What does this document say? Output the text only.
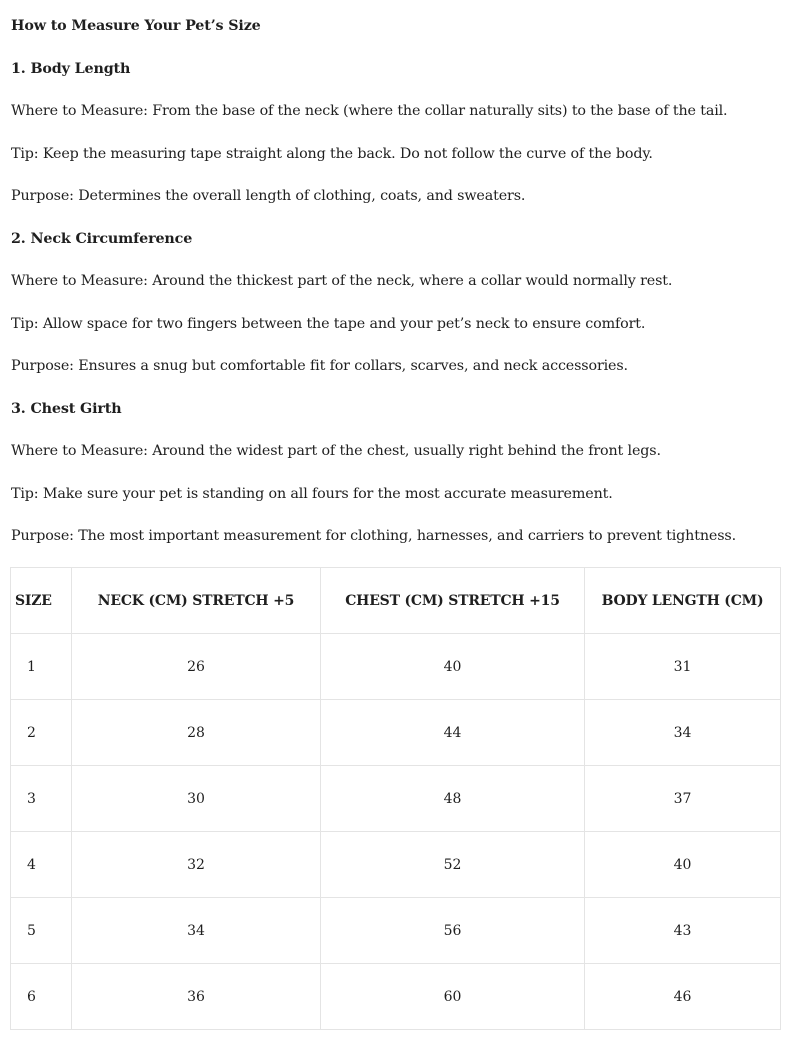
How to Measure Your Pet’s Size
1. Body Length
Where to Measure: From the base of the neck (where the collar naturally sits) to the base of the tail.
Tip: Keep the measuring tape straight along the back. Do not follow the curve of the body.
Purpose: Determines the overall length of clothing, coats, and sweaters.
2. Neck Circumference
Where to Measure: Around the thickest part of the neck, where a collar would normally rest.
Tip: Allow space for two fingers between the tape and your pet’s neck to ensure comfort.
Purpose: Ensures a snug but comfortable fit for collars, scarves, and neck accessories.
3. Chest Girth
Where to Measure: Around the widest part of the chest, usually right behind the front legs.
Tip: Make sure your pet is standing on all fours for the most accurate measurement.
Purpose: The most important measurement for clothing, harnesses, and carriers to prevent tightness.
SIZE	NECK (CM) STRETCH +5	CHEST (CM) STRETCH +15	BODY LENGTH (CM)
1	26	40	31
2	28	44	34
3	30	48	37
4	32	52	40
5	34	56	43
6	36	60	46
